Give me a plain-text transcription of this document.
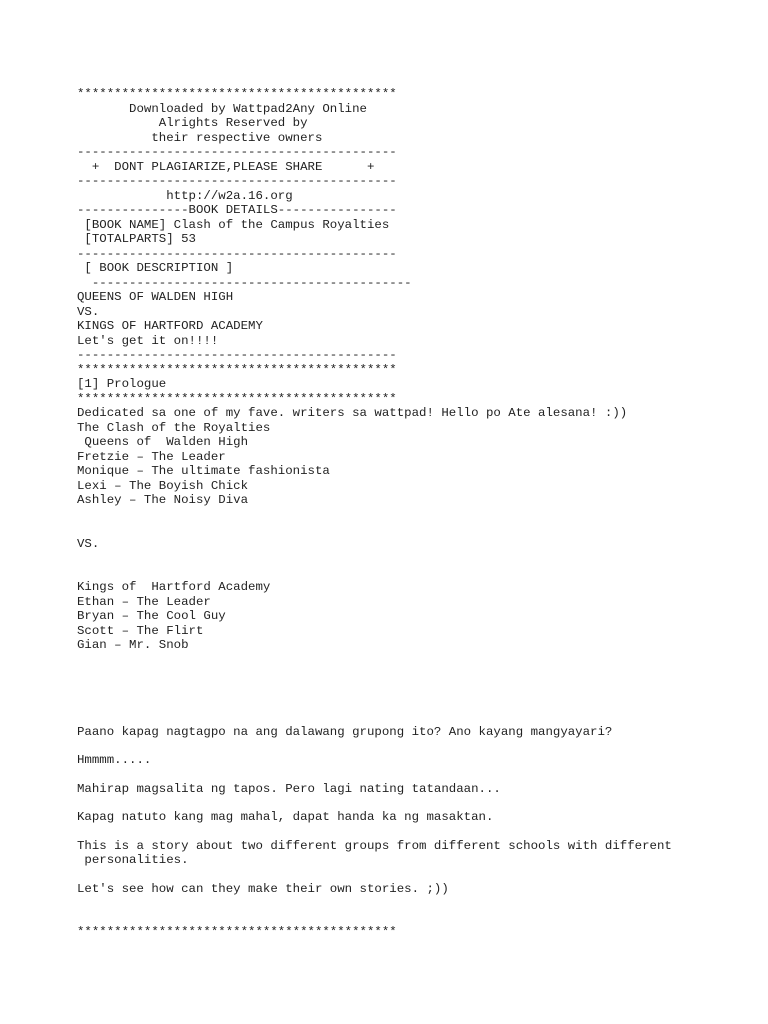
*******************************************
Downloaded by Wattpad2Any Online
Alrights Reserved by
their respective owners
-------------------------------------------
+  DONT PLAGIARIZE,PLEASE SHARE      +
-------------------------------------------
http://w2a.16.org
---------------BOOK DETAILS----------------
[BOOK NAME] Clash of the Campus Royalties
[TOTALPARTS] 53
-------------------------------------------
[ BOOK DESCRIPTION ]
-------------------------------------------
QUEENS OF WALDEN HIGH
VS.
KINGS OF HARTFORD ACADEMY
Let's get it on!!!!
-------------------------------------------
*******************************************
[1] Prologue
*******************************************
Dedicated sa one of my fave. writers sa wattpad! Hello po Ate alesana! :))
The Clash of the Royalties
Queens of  Walden High
Fretzie – The Leader
Monique – The ultimate fashionista
Lexi – The Boyish Chick
Ashley – The Noisy Diva
VS.
Kings of  Hartford Academy
Ethan – The Leader
Bryan – The Cool Guy
Scott – The Flirt
Gian – Mr. Snob
Paano kapag nagtagpo na ang dalawang grupong ito? Ano kayang mangyayari?
Hmmmm.....
Mahirap magsalita ng tapos. Pero lagi nating tatandaan...
Kapag natuto kang mag mahal, dapat handa ka ng masaktan.
This is a story about two different groups from different schools with different
personalities.
Let's see how can they make their own stories. ;))
*******************************************
